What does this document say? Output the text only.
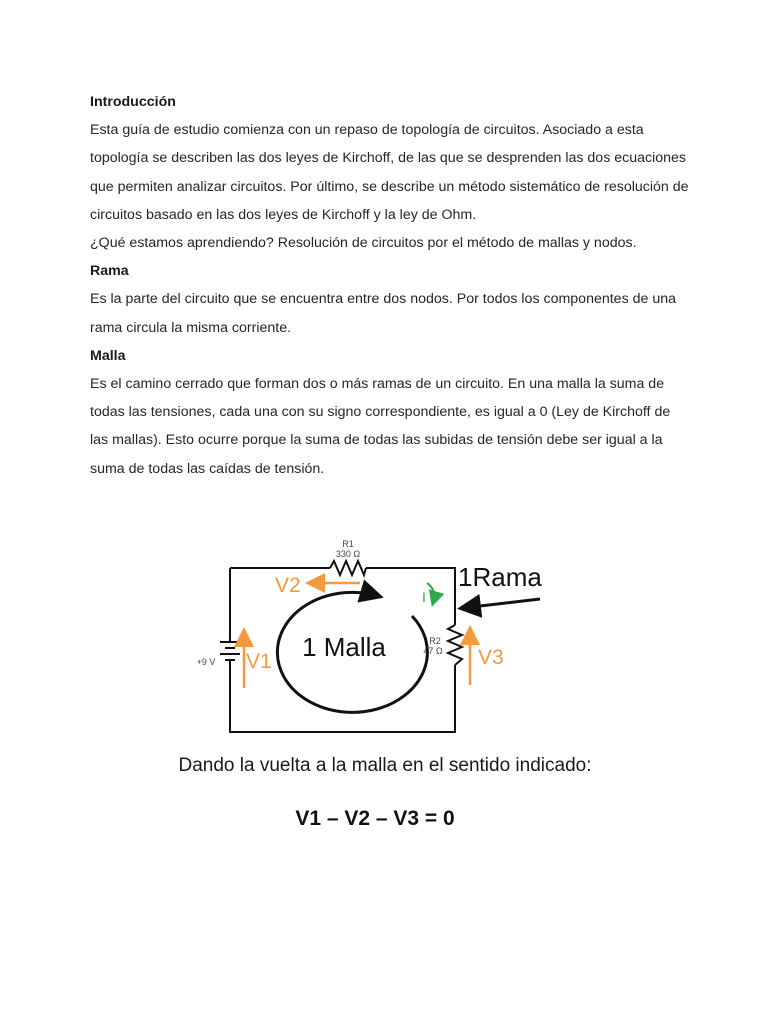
Introducción

Esta guía de estudio comienza con un repaso de topología de circuitos. Asociado a esta topología se describen las dos leyes de Kirchoff, de las que se desprenden las dos ecuaciones que permiten analizar circuitos. Por último, se describe un método sistemático de resolución de circuitos basado en las dos leyes de Kirchoff y la ley de Ohm.

¿Qué estamos aprendiendo? Resolución de circuitos por el método de mallas y nodos.

Rama

Es la parte del circuito que se encuentra entre dos nodos. Por todos los componentes de una rama circula la misma corriente.

Malla

Es el camino cerrado que forman dos o más ramas de un circuito. En una malla la suma de todas las tensiones, cada una con su signo correspondiente, es igual a 0 (Ley de Kirchoff de las mallas). Esto ocurre porque la suma de todas las subidas de tensión debe ser igual a la suma de todas las caídas de tensión.

R1
330 Ω
R2
47 Ω
+9 V V1
V2
V3
I
1 Malla
1Rama
Dando la vuelta a la malla en el sentido indicado:
V1 – V2 – V3 = 0
